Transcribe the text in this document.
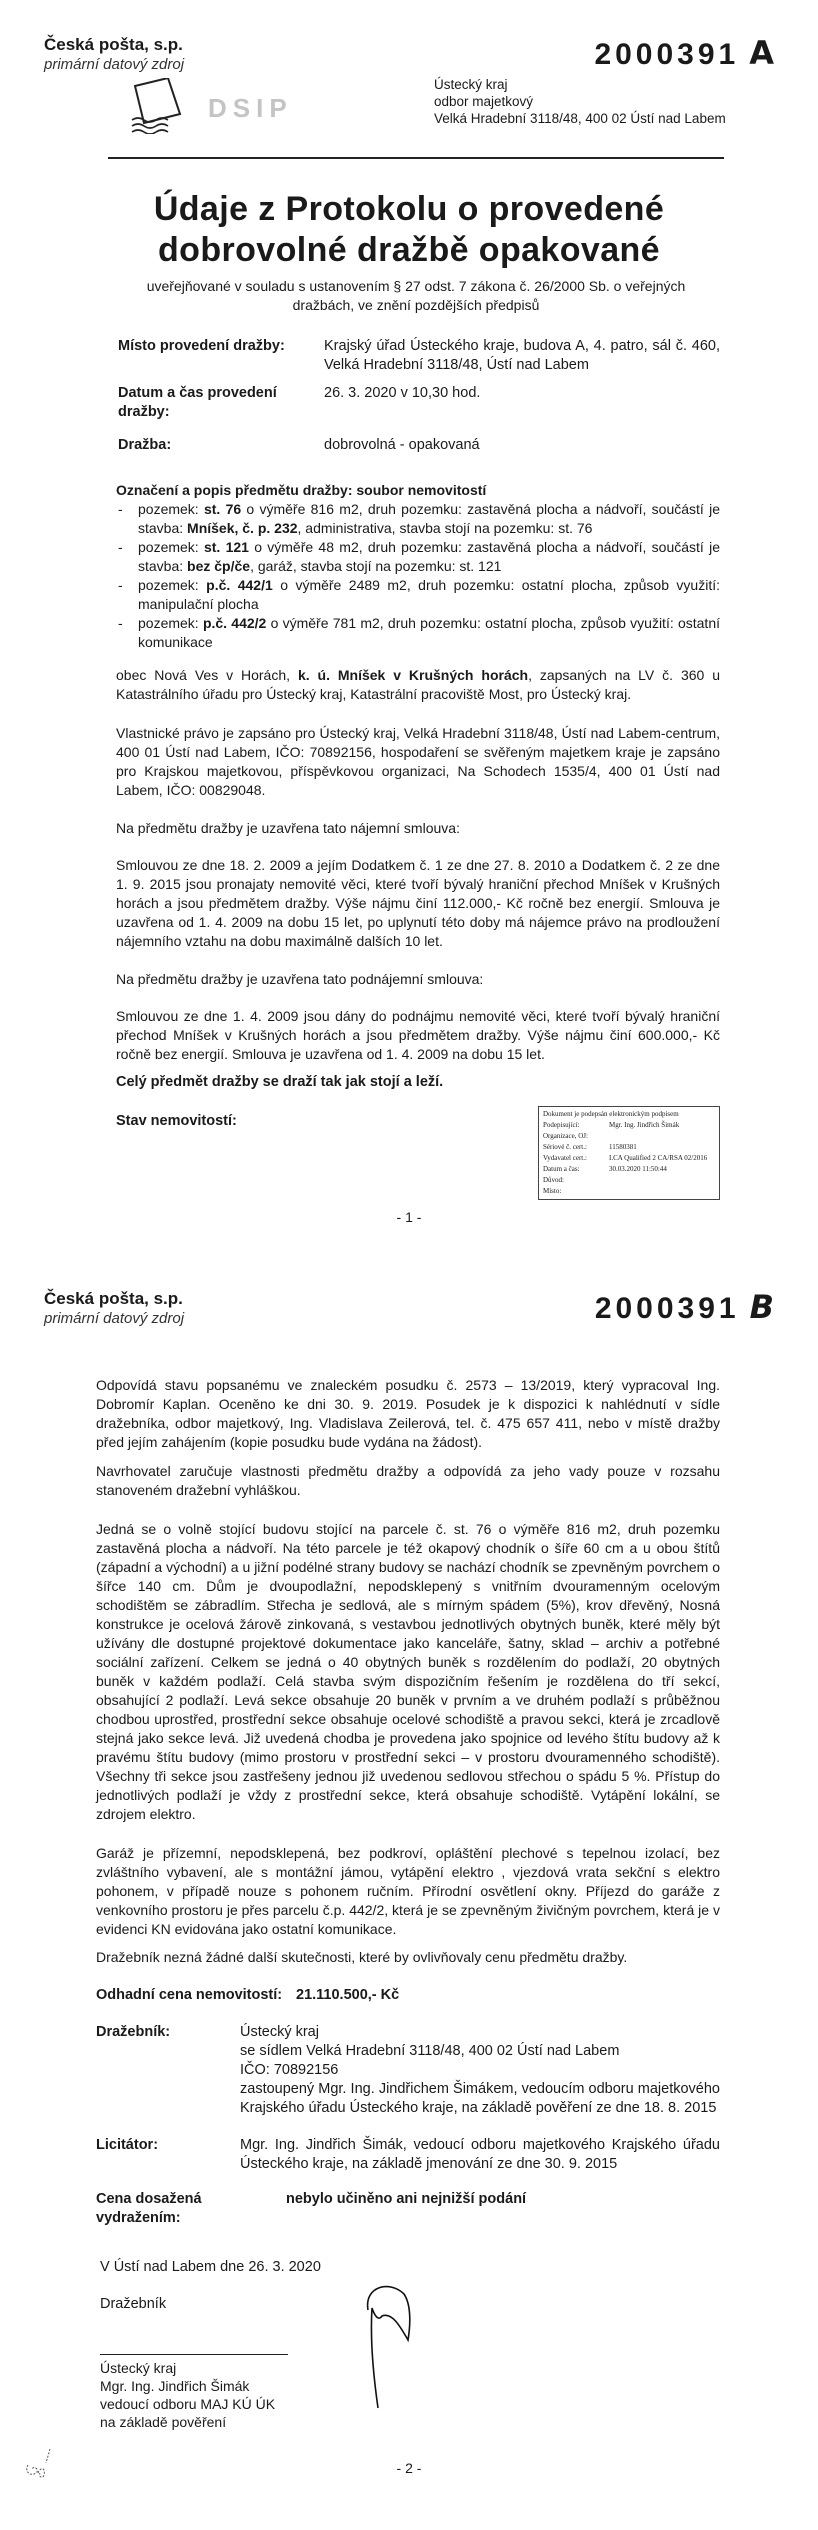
Česká pošta, s.p.
primární datový zdroj
DSIP
2000391 A
Ústecký kraj
odbor majetkový
Velká Hradební 3118/48, 400 02 Ústí nad Labem
Údaje z Protokolu o provedené
dobrovolné dražbě opakované
uveřejňované v souladu s ustanovením § 27 odst. 7 zákona č. 26/2000 Sb. o veřejných dražbách, ve znění pozdějších předpisů
Místo provedení dražby:	Krajský úřad Ústeckého kraje, budova A, 4. patro, sál č. 460, Velká Hradební 3118/48, Ústí nad Labem
Datum a čas provedení dražby:
26. 3. 2020 v 10,30 hod.
Dražba:	dobrovolná - opakovaná
Označení a popis předmětu dražby: soubor nemovitostí
- pozemek: st. 76 o výměře 816 m2, druh pozemku: zastavěná plocha a nádvoří, součástí je stavba: Mníšek, č. p. 232, administrativa, stavba stojí na pozemku: st. 76
- pozemek: st. 121 o výměře 48 m2, druh pozemku: zastavěná plocha a nádvoří, součástí je stavba: bez čp/če, garáž, stavba stojí na pozemku: st. 121
- pozemek: p.č. 442/1 o výměře 2489 m2, druh pozemku: ostatní plocha, způsob využití: manipulační plocha
- pozemek: p.č. 442/2 o výměře 781 m2, druh pozemku: ostatní plocha, způsob využití: ostatní komunikace
obec Nová Ves v Horách, k. ú. Mníšek v Krušných horách, zapsaných na LV č. 360 u Katastrálního úřadu pro Ústecký kraj, Katastrální pracoviště Most, pro Ústecký kraj.
Vlastnické právo je zapsáno pro Ústecký kraj, Velká Hradební 3118/48, Ústí nad Labem-centrum, 400 01 Ústí nad Labem, IČO: 70892156, hospodaření se svěřeným majetkem kraje je zapsáno pro Krajskou majetkovou, příspěvkovou organizaci, Na Schodech 1535/4, 400 01 Ústí nad Labem, IČO: 00829048.
Na předmětu dražby je uzavřena tato nájemní smlouva:
Smlouvou ze dne 18. 2. 2009 a jejím Dodatkem č. 1 ze dne 27. 8. 2010 a Dodatkem č. 2 ze dne 1. 9. 2015 jsou pronajaty nemovité věci, které tvoří bývalý hraniční přechod Mníšek v Krušných horách a jsou předmětem dražby. Výše nájmu činí 112.000,- Kč ročně bez energií. Smlouva je uzavřena od 1. 4. 2009 na dobu 15 let, po uplynutí této doby má nájemce právo na prodloužení nájemního vztahu na dobu maximálně dalších 10 let.
Na předmětu dražby je uzavřena tato podnájemní smlouva:
Smlouvou ze dne 1. 4. 2009 jsou dány do podnájmu nemovité věci, které tvoří bývalý hraniční přechod Mníšek v Krušných horách a jsou předmětem dražby. Výše nájmu činí 600.000,- Kč ročně bez energií. Smlouva je uzavřena od 1. 4. 2009 na dobu 15 let.
Celý předmět dražby se draží tak jak stojí a leží.
Stav nemovitostí:	Dokument je podepsán elektronickým podpisem
Podepisující:	Mgr. Ing. Jindřich Šimák
Organizace, OJ:
Sériové č. cert.:	11580381
Vydavatel cert.:	I.CA Qualified 2 CA/RSA 02/2016
Datum a čas:	30.03.2020 11:50:44
Důvod:
Místo:
- 1 -
Česká pošta, s.p.
primární datový zdroj	2000391 B
Odpovídá stavu popsanému ve znaleckém posudku č. 2573 – 13/2019, který vypracoval Ing. Dobromír Kaplan. Oceněno ke dni 30. 9. 2019. Posudek je k dispozici k nahlédnutí v sídle dražebníka, odbor majetkový, Ing. Vladislava Zeilerová, tel. č. 475 657 411, nebo v místě dražby před jejím zahájením (kopie posudku bude vydána na žádost).
Navrhovatel zaručuje vlastnosti předmětu dražby a odpovídá za jeho vady pouze v rozsahu stanoveném dražební vyhláškou.
Jedná se o volně stojící budovu stojící na parcele č. st. 76 o výměře 816 m2, druh pozemku zastavěná plocha a nádvoří. Na této parcele je též okapový chodník o šíře 60 cm a u obou štítů (západní a východní) a u jižní podélné strany budovy se nachází chodník se zpevněným povrchem o šířce 140 cm. Dům je dvoupodlažní, nepodsklepený s vnitřním dvouramenným ocelovým schodištěm se zábradlím. Střecha je sedlová, ale s mírným spádem (5%), krov dřevěný, Nosná konstrukce je ocelová žárově zinkovaná, s vestavbou jednotlivých obytných buněk, které měly být užívány dle dostupné projektové dokumentace jako kanceláře, šatny, sklad – archiv a potřebné sociální zařízení. Celkem se jedná o 40 obytných buněk s rozdělením do podlaží, 20 obytných buněk v každém podlaží. Celá stavba svým dispozičním řešením je rozdělena do tří sekcí, obsahující 2 podlaží. Levá sekce obsahuje 20 buněk v prvním a ve druhém podlaží s průběžnou chodbou uprostřed, prostřední sekce obsahuje ocelové schodiště a pravou sekci, která je zrcadlově stejná jako sekce levá. Již uvedená chodba je provedena jako spojnice od levého štítu budovy až k pravému štítu budovy (mimo prostoru v prostřední sekci – v prostoru dvouramenného schodiště). Všechny tři sekce jsou zastřešeny jednou již uvedenou sedlovou střechou o spádu 5 %. Přístup do jednotlivých podlaží je vždy z prostřední sekce, která obsahuje schodiště. Vytápění lokální, se zdrojem elektro.
Garáž je přízemní, nepodsklepená, bez podkroví, opláštění plechové s tepelnou izolací, bez zvláštního vybavení, ale s montážní jámou, vytápění elektro , vjezdová vrata sekční s elektro pohonem, v případě nouze s pohonem ručním. Přírodní osvětlení okny. Příjezd do garáže z venkovního prostoru je přes parcelu č.p. 442/2, která je se zpevněným živičným povrchem, která je v evidenci KN evidována jako ostatní komunikace.
Dražebník nezná žádné další skutečnosti, které by ovlivňovaly cenu předmětu dražby.
Odhadní cena nemovitostí: 21.110.500,- Kč
Dražebník:	Ústecký kraj
se sídlem Velká Hradební 3118/48, 400 02 Ústí nad Labem
IČO: 70892156
zastoupený Mgr. Ing. Jindřichem Šimákem, vedoucím odboru majetkového Krajského úřadu Ústeckého kraje, na základě pověření ze dne 18. 8. 2015
Licitátor:	Mgr. Ing. Jindřich Šimák, vedoucí odboru majetkového Krajského úřadu Ústeckého kraje, na základě jmenování ze dne 30. 9. 2015
Cena dosažená vydražením:
nebylo učiněno ani nejnižší podání
V Ústí nad Labem dne 26. 3. 2020
Dražebník
Ústecký kraj
Mgr. Ing. Jindřich Šimák
vedoucí odboru MAJ KÚ ÚK
na základě pověření
- 2 -
